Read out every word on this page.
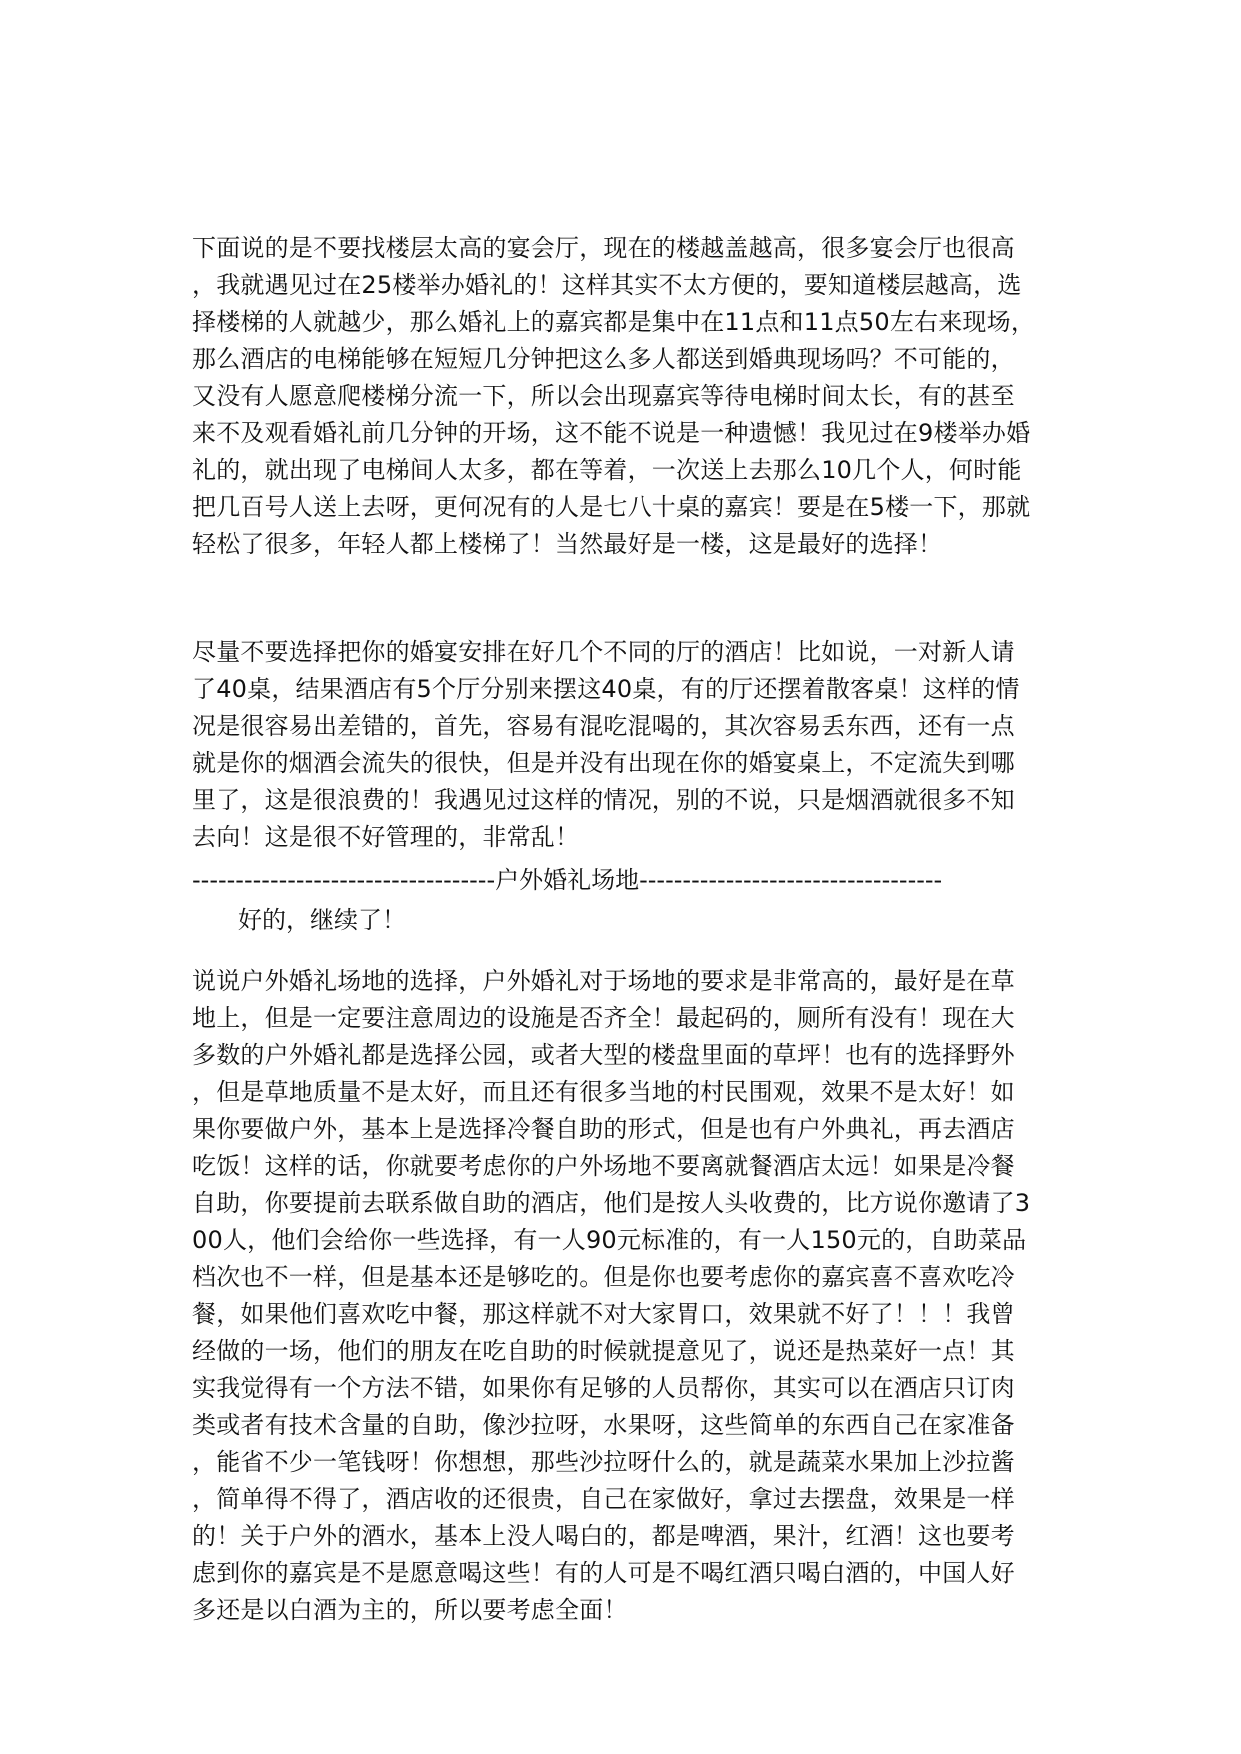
下面说的是不要找楼层太高的宴会厅，现在的楼越盖越高，很多宴会厅也很高
，我就遇见过在25楼举办婚礼的！这样其实不太方便的，要知道楼层越高，选
择楼梯的人就越少，那么婚礼上的嘉宾都是集中在11点和11点50左右来现场，
那么酒店的电梯能够在短短几分钟把这么多人都送到婚典现场吗？不可能的，
又没有人愿意爬楼梯分流一下，所以会出现嘉宾等待电梯时间太长，有的甚至
来不及观看婚礼前几分钟的开场，这不能不说是一种遗憾！我见过在9楼举办婚
礼的，就出现了电梯间人太多，都在等着，一次送上去那么10几个人，何时能
把几百号人送上去呀，更何况有的人是七八十桌的嘉宾！要是在5楼一下，那就
轻松了很多，年轻人都上楼梯了！当然最好是一楼，这是最好的选择！
尽量不要选择把你的婚宴安排在好几个不同的厅的酒店！比如说，一对新人请
了40桌，结果酒店有5个厅分别来摆这40桌，有的厅还摆着散客桌！这样的情
况是很容易出差错的，首先，容易有混吃混喝的，其次容易丢东西，还有一点
就是你的烟酒会流失的很快，但是并没有出现在你的婚宴桌上，不定流失到哪
里了，这是很浪费的！我遇见过这样的情况，别的不说，只是烟酒就很多不知
去向！这是很不好管理的，非常乱！
-----------------------------------户外婚礼场地-----------------------------------
好的，继续了！
说说户外婚礼场地的选择，户外婚礼对于场地的要求是非常高的，最好是在草
地上，但是一定要注意周边的设施是否齐全！最起码的，厕所有没有！现在大
多数的户外婚礼都是选择公园，或者大型的楼盘里面的草坪！也有的选择野外
，但是草地质量不是太好，而且还有很多当地的村民围观，效果不是太好！如
果你要做户外，基本上是选择冷餐自助的形式，但是也有户外典礼，再去酒店
吃饭！这样的话，你就要考虑你的户外场地不要离就餐酒店太远！如果是冷餐
自助，你要提前去联系做自助的酒店，他们是按人头收费的，比方说你邀请了3
00人，他们会给你一些选择，有一人90元标准的，有一人150元的，自助菜品
档次也不一样，但是基本还是够吃的。但是你也要考虑你的嘉宾喜不喜欢吃冷
餐，如果他们喜欢吃中餐，那这样就不对大家胃口，效果就不好了！！！我曾
经做的一场，他们的朋友在吃自助的时候就提意见了，说还是热菜好一点！其
实我觉得有一个方法不错，如果你有足够的人员帮你，其实可以在酒店只订肉
类或者有技术含量的自助，像沙拉呀，水果呀，这些简单的东西自己在家准备
，能省不少一笔钱呀！你想想，那些沙拉呀什么的，就是蔬菜水果加上沙拉酱
，简单得不得了，酒店收的还很贵，自己在家做好，拿过去摆盘，效果是一样
的！关于户外的酒水，基本上没人喝白的，都是啤酒，果汁，红酒！这也要考
虑到你的嘉宾是不是愿意喝这些！有的人可是不喝红酒只喝白酒的，中国人好
多还是以白酒为主的，所以要考虑全面！
